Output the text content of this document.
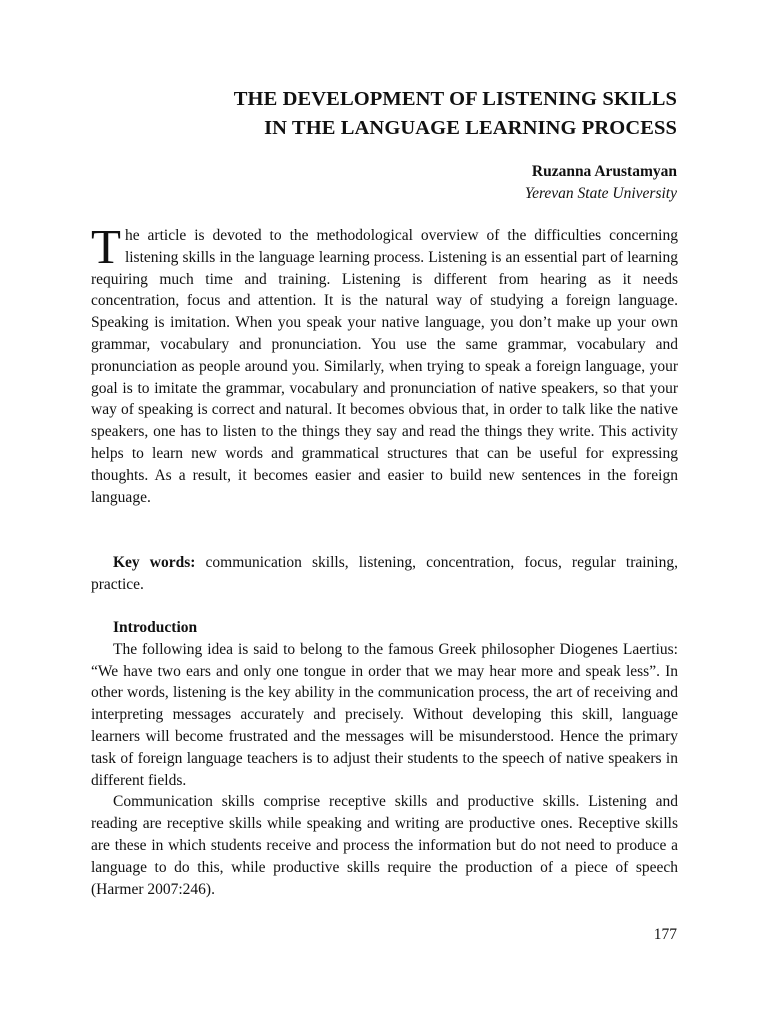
THE DEVELOPMENT OF LISTENING SKILLS
IN THE LANGUAGE LEARNING PROCESS
Ruzanna Arustamyan
Yerevan State University

The article is devoted to the methodological overview of the difficulties concerning listening skills in the language learning process. Listening is an essential part of learning requiring much time and training. Listening is different from hearing as it needs concentration, focus and attention. It is the natural way of studying a foreign language. Speaking is imitation. When you speak your native language, you don’t make up your own grammar, vocabulary and pronunciation. You use the same grammar, vocabulary and pronunciation as people around you. Similarly, when trying to speak a foreign language, your goal is to imitate the grammar, vocabulary and pronunciation of native speakers, so that your way of speaking is correct and natural. It becomes obvious that, in order to talk like the native speakers, one has to listen to the things they say and read the things they write. This activity helps to learn new words and grammatical structures that can be useful for expressing thoughts. As a result, it becomes easier and easier to build new sentences in the foreign language.

Key words: communication skills, listening, concentration, focus, regular training, practice.

Introduction

The following idea is said to belong to the famous Greek philosopher Diogenes Laertius: “We have two ears and only one tongue in order that we may hear more and speak less”. In other words, listening is the key ability in the communication process, the art of receiving and interpreting messages accurately and precisely. Without developing this skill, language learners will become frustrated and the messages will be misunderstood. Hence the primary task of foreign language teachers is to adjust their students to the speech of native speakers in different fields.

Communication skills comprise receptive skills and productive skills. Listening and reading are receptive skills while speaking and writing are productive ones. Receptive skills are these in which students receive and process the information but do not need to produce a language to do this, while productive skills require the production of a piece of speech (Harmer 2007:246).

177
